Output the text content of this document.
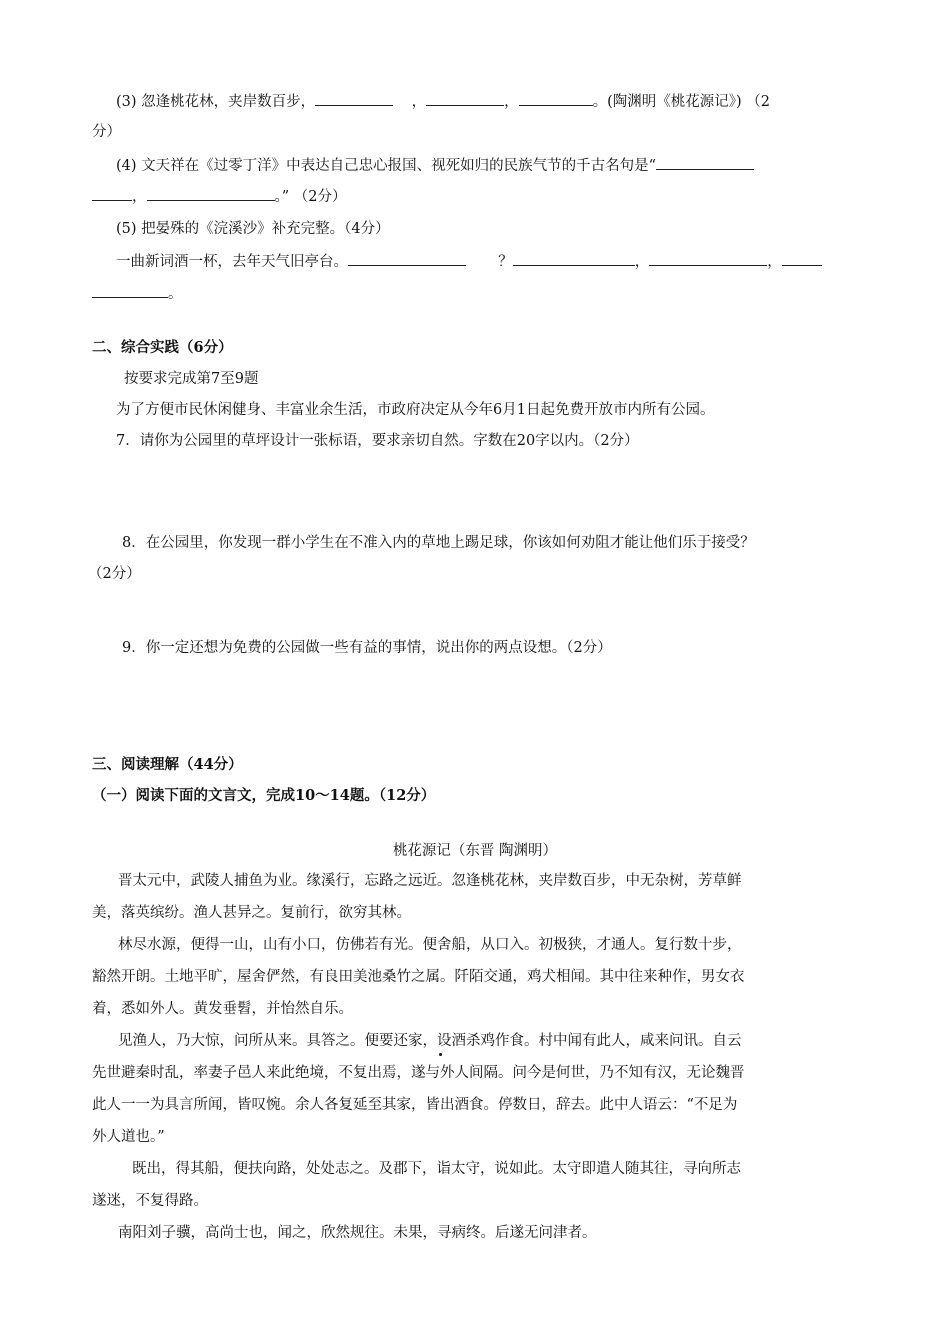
(3) 忽逢桃花林，夹岸数百步，	，	，	。(陶渊明《桃花源记》) （2
分）
(4) 文天祥在《过零丁洋》中表达自己忠心报国、视死如归的民族气节的千古名句是“
，	。” （2分）
(5) 把晏殊的《浣溪沙》补充完整。（4分）
一曲新词酒一杯，去年天气旧亭台。	？	，	，
。
二、综合实践（6分）
按要求完成第7至9题
为了方便市民休闲健身、丰富业余生活，市政府决定从今年6月1日起免费开放市内所有公园。
7．请你为公园里的草坪设计一张标语，要求亲切自然。字数在20字以内。（2分）
8．在公园里，你发现一群小学生在不准入内的草地上踢足球，你该如何劝阻才能让他们乐于接受？
（2分）
9．你一定还想为免费的公园做一些有益的事情，说出你的两点设想。（2分）
三、阅读理解（44分）
（一）阅读下面的文言文，完成10～14题。（12分）
桃花源记（东晋 陶渊明）
晋太元中，武陵人捕鱼为业。缘溪行，忘路之远近。忽逢桃花林，夹岸数百步，中无杂树，芳草鲜
美，落英缤纷。渔人甚异之。复前行，欲穷其林。
林尽水源，便得一山，山有小口，仿佛若有光。便舍船，从口入。初极狭，才通人。复行数十步，
豁然开朗。土地平旷，屋舍俨然，有良田美池桑竹之属。阡陌交通，鸡犬相闻。其中往来种作，男女衣
着，悉如外人。黄发垂髫，并怡然自乐。
见渔人，乃大惊，问所从来。具答之。便要还家，设酒杀鸡作食。村中闻有此人，咸来问讯。自云
先世避秦时乱，率妻子邑人来此绝境，不复出焉，遂与外人间隔。问今是何世，乃不知有汉，无论魏晋
此人一一为具言所闻，皆叹惋。余人各复延至其家，皆出酒食。停数日，辞去。此中人语云：“不足为
外人道也。”
既出，得其船，便扶向路，处处志之。及郡下，诣太守，说如此。太守即遣人随其往，寻向所志
遂迷，不复得路。
南阳刘子骥，高尚士也，闻之，欣然规往。未果，寻病终。后遂无问津者。
